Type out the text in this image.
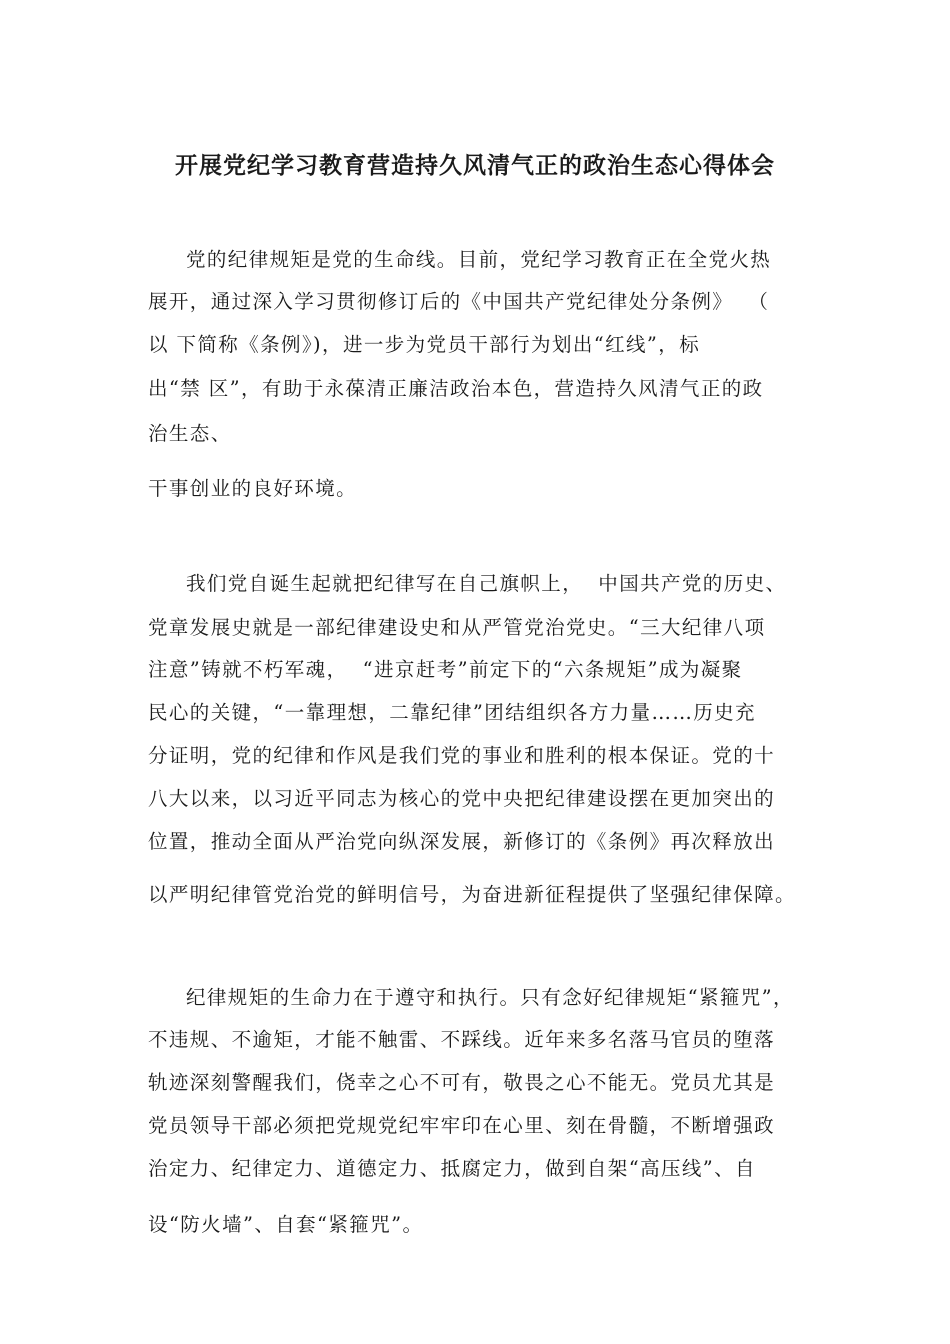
开展党纪学习教育营造持久风清气正的政治生态心得体会
党的纪律规矩是党的生命线。目前，党纪学习教育正在全党火热
展开，通过深入学习贯彻修订后的《中国共产党纪律处分条例》  （
以 下简称《条例》)，进一步为党员干部行为划出“红线”，标
出“禁 区”，有助于永葆清正廉洁政治本色，营造持久风清气正的政
治生态、
干事创业的良好环境。
我们党自诞生起就把纪律写在自己旗帜上，  中国共产党的历史、
党章发展史就是一部纪律建设史和从严管党治党史。“三大纪律八项
注意”铸就不朽军魂，  “进京赶考”前定下的“六条规矩”成为凝聚
民心的关键，“一靠理想，二靠纪律”团结组织各方力量……历史充
分证明，党的纪律和作风是我们党的事业和胜利的根本保证。党的十
八大以来，以习近平同志为核心的党中央把纪律建设摆在更加突出的
位置，推动全面从严治党向纵深发展，新修订的《条例》再次释放出
以严明纪律管党治党的鲜明信号，为奋进新征程提供了坚强纪律保障。
纪律规矩的生命力在于遵守和执行。只有念好纪律规矩“紧箍咒”，
不违规、不逾矩，才能不触雷、不踩线。近年来多名落马官员的堕落
轨迹深刻警醒我们，侥幸之心不可有，敬畏之心不能无。党员尤其是
党员领导干部必须把党规党纪牢牢印在心里、刻在骨髓，不断增强政
治定力、纪律定力、道德定力、抵腐定力，做到自架“高压线”、自
设“防火墙”、自套“紧箍咒”。
